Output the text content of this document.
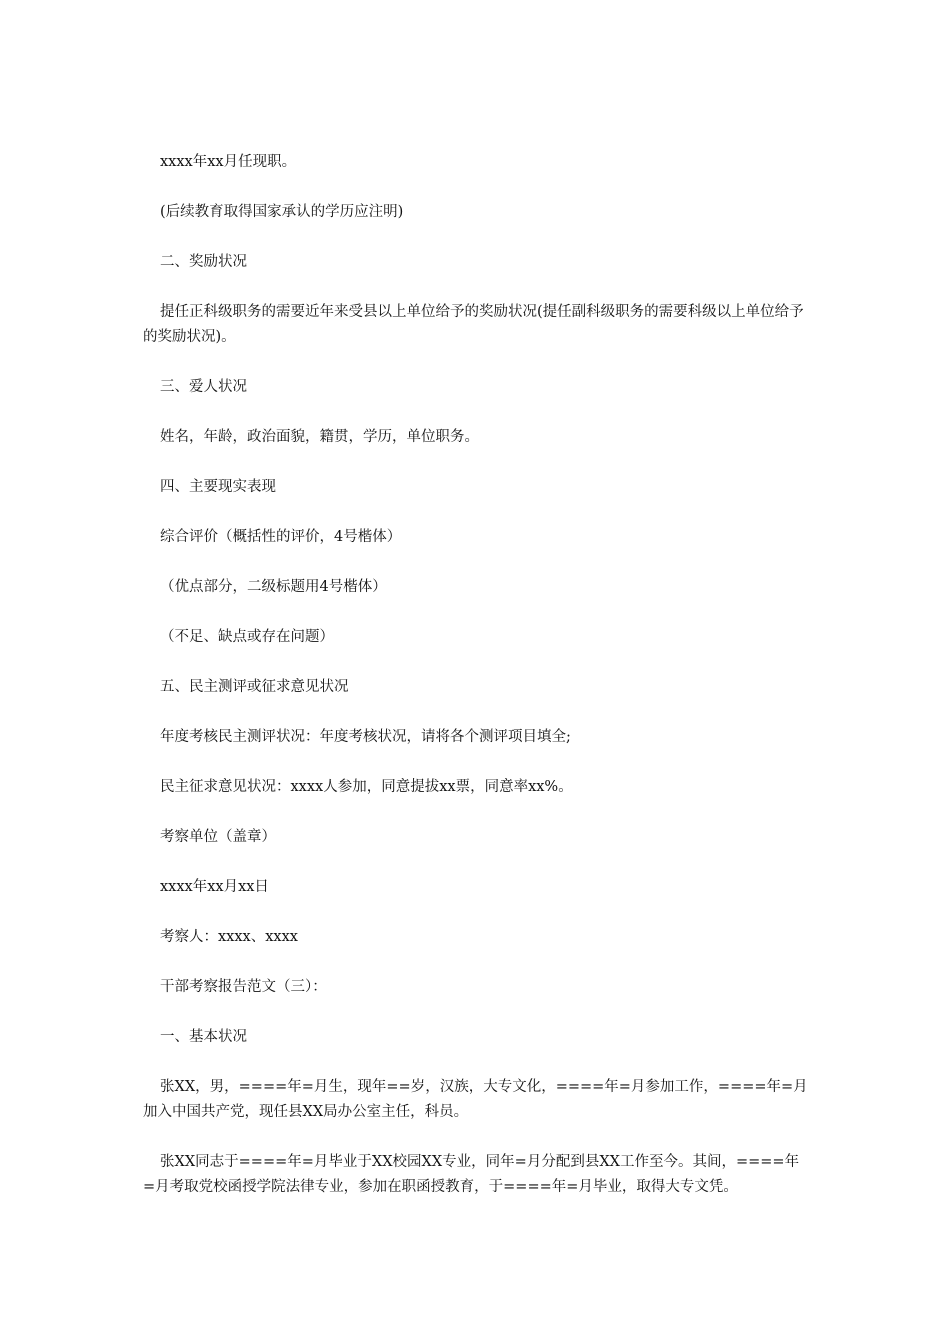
xxxx年xx月任现职。

(后续教育取得国家承认的学历应注明)

二、奖励状况

提任正科级职务的需要近年来受县以上单位给予的奖励状况(提任副科级职务的需要科级以上单位给予的奖励状况)。

三、爱人状况

姓名，年龄，政治面貌，籍贯，学历，单位职务。

四、主要现实表现

综合评价（概括性的评价，4号楷体）

（优点部分，二级标题用4号楷体）

（不足、缺点或存在问题）

五、民主测评或征求意见状况

年度考核民主测评状况：年度考核状况，请将各个测评项目填全;

民主征求意见状况：xxxx人参加，同意提拔xx票，同意率xx%。

考察单位（盖章）

xxxx年xx月xx日

考察人：xxxx、xxxx

干部考察报告范文（三）：

一、基本状况

张XX，男，====年=月生，现年==岁，汉族，大专文化，====年=月参加工作，====年=月加入中国共产党，现任县XX局办公室主任，科员。

张XX同志于====年=月毕业于XX校园XX专业，同年=月分配到县XX工作至今。其间，====年=月考取党校函授学院法律专业，参加在职函授教育，于====年=月毕业，取得大专文凭。
